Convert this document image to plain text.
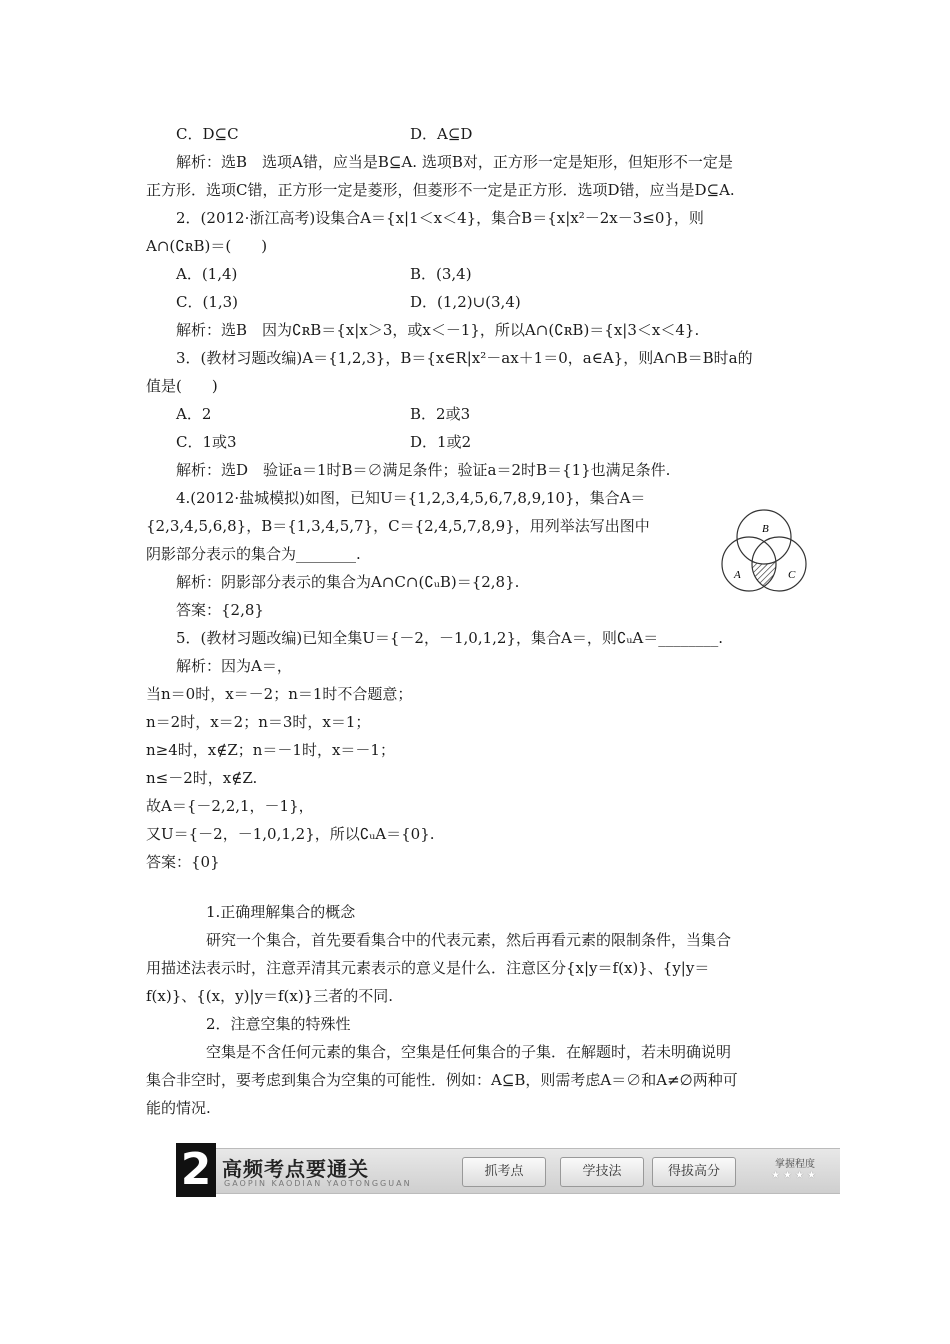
C．D⊆C	D．A⊆D
解析：选B　选项A错，应当是B⊆A. 选项B对，正方形一定是矩形，但矩形不一定是
正方形．选项C错，正方形一定是菱形，但菱形不一定是正方形．选项D错，应当是D⊆A.
2．(2012·浙江高考)设集合A＝{x|1＜x＜4}，集合B＝{x|x²－2x－3≤0}，则
A∩(∁ʀB)＝(　　)
A．(1,4)	B．(3,4)
C．(1,3)	D．(1,2)∪(3,4)
解析：选B　因为∁ʀB＝{x|x＞3，或x＜－1}，所以A∩(∁ʀB)＝{x|3＜x＜4}.
3．(教材习题改编)A＝{1,2,3}，B＝{x∈R|x²－ax＋1＝0，a∈A}，则A∩B＝B时a的
值是(　　)
A．2	B．2或3
C．1或3	D．1或2
解析：选D　验证a＝1时B＝∅满足条件；验证a＝2时B＝{1}也满足条件.
4.(2012·盐城模拟)如图，已知U＝{1,2,3,4,5,6,7,8,9,10}，集合A＝
{2,3,4,5,6,8}，B＝{1,3,4,5,7}，C＝{2,4,5,7,8,9}，用列举法写出图中
阴影部分表示的集合为________.
解析：阴影部分表示的集合为A∩C∩(∁ᵤB)＝{2,8}.
答案：{2,8}
B
A	C
5．(教材习题改编)已知全集U＝{－2，－1,0,1,2}，集合A＝，则∁ᵤA＝________.
解析：因为A＝，
当n＝0时，x＝－2；n＝1时不合题意；
n＝2时，x＝2；n＝3时，x＝1；
n≥4时，x∉Z；n＝－1时，x＝－1；
n≤－2时，x∉Z.
故A＝{－2,2,1，－1}，
又U＝{－2，－1,0,1,2}，所以∁ᵤA＝{0}.
答案：{0}
1.正确理解集合的概念
研究一个集合，首先要看集合中的代表元素，然后再看元素的限制条件，当集合
用描述法表示时，注意弄清其元素表示的意义是什么．注意区分{x|y＝f(x)}、{y|y＝
f(x)}、{(x，y)|y＝f(x)}三者的不同.
2．注意空集的特殊性
空集是不含任何元素的集合，空集是任何集合的子集．在解题时，若未明确说明
集合非空时，要考虑到集合为空集的可能性．例如：A⊆B，则需考虑A＝∅和A≠∅两种可
能的情况.
2 高频考点要通关
GAOPIN KAODIAN YAOTONGGUAN
抓考点	学技法	得拔高分	掌握程度
★★★★
